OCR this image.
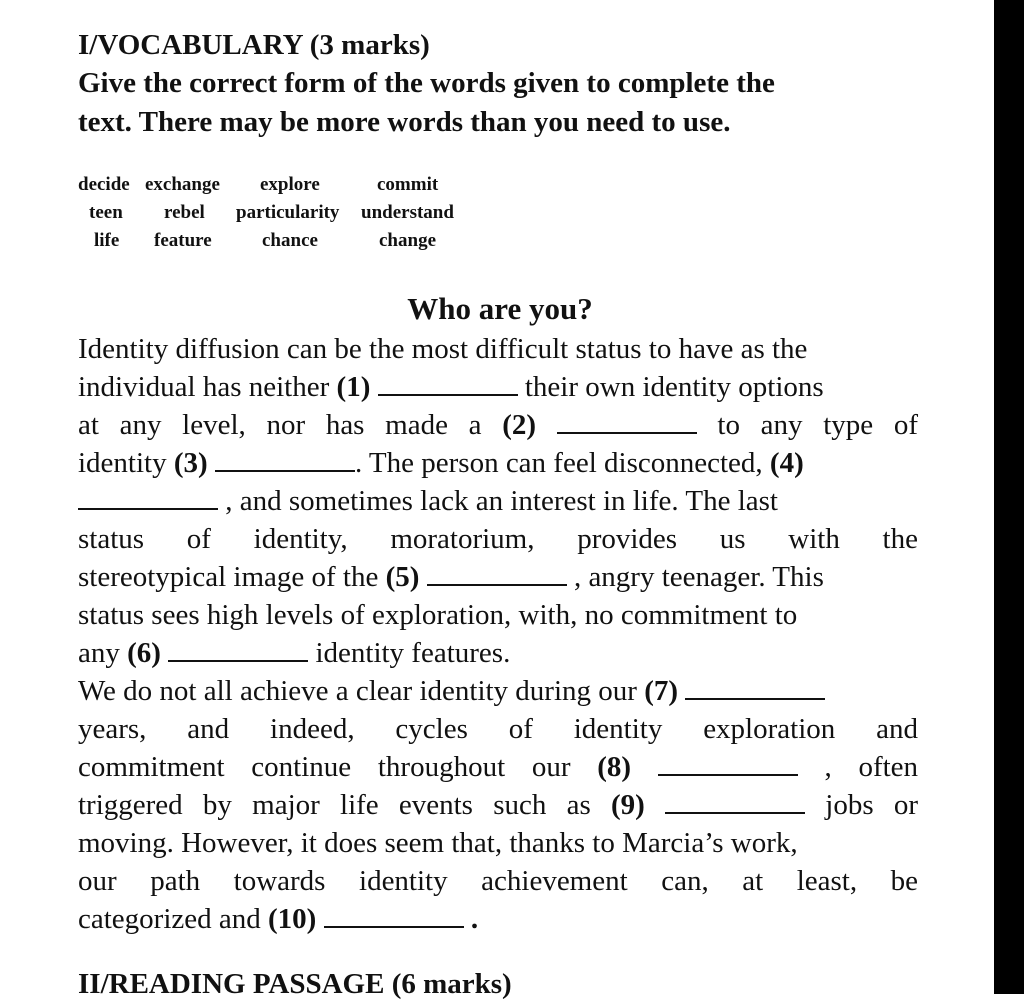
I/VOCABULARY (3 marks)

Give the correct form of the words given to complete the

text. There may be more words than you need to use.

decide exchange explore	commit
teen rebel particularity understand
life feature	chance	change
Who are you?

Identity diffusion can be the most difficult status to have as the

individual has neither (1)	their own identity options

at any level, nor has made a (2)	to any type of

identity (3)	. The person can feel disconnected, (4)

, and sometimes lack an interest in life. The last

status of identity, moratorium, provides us with the

stereotypical image of the (5)	, angry teenager. This

status sees high levels of exploration, with, no commitment to

any (6)	identity features.

We do not all achieve a clear identity during our (7)

years, and indeed, cycles of identity exploration and

commitment continue throughout our (8)	, often

triggered by major life events such as (9)	jobs or

moving. However, it does seem that, thanks to Marcia’s work,

our path towards identity achievement can, at least, be

categorized and (10)	.

II/READING PASSAGE (6 marks)
